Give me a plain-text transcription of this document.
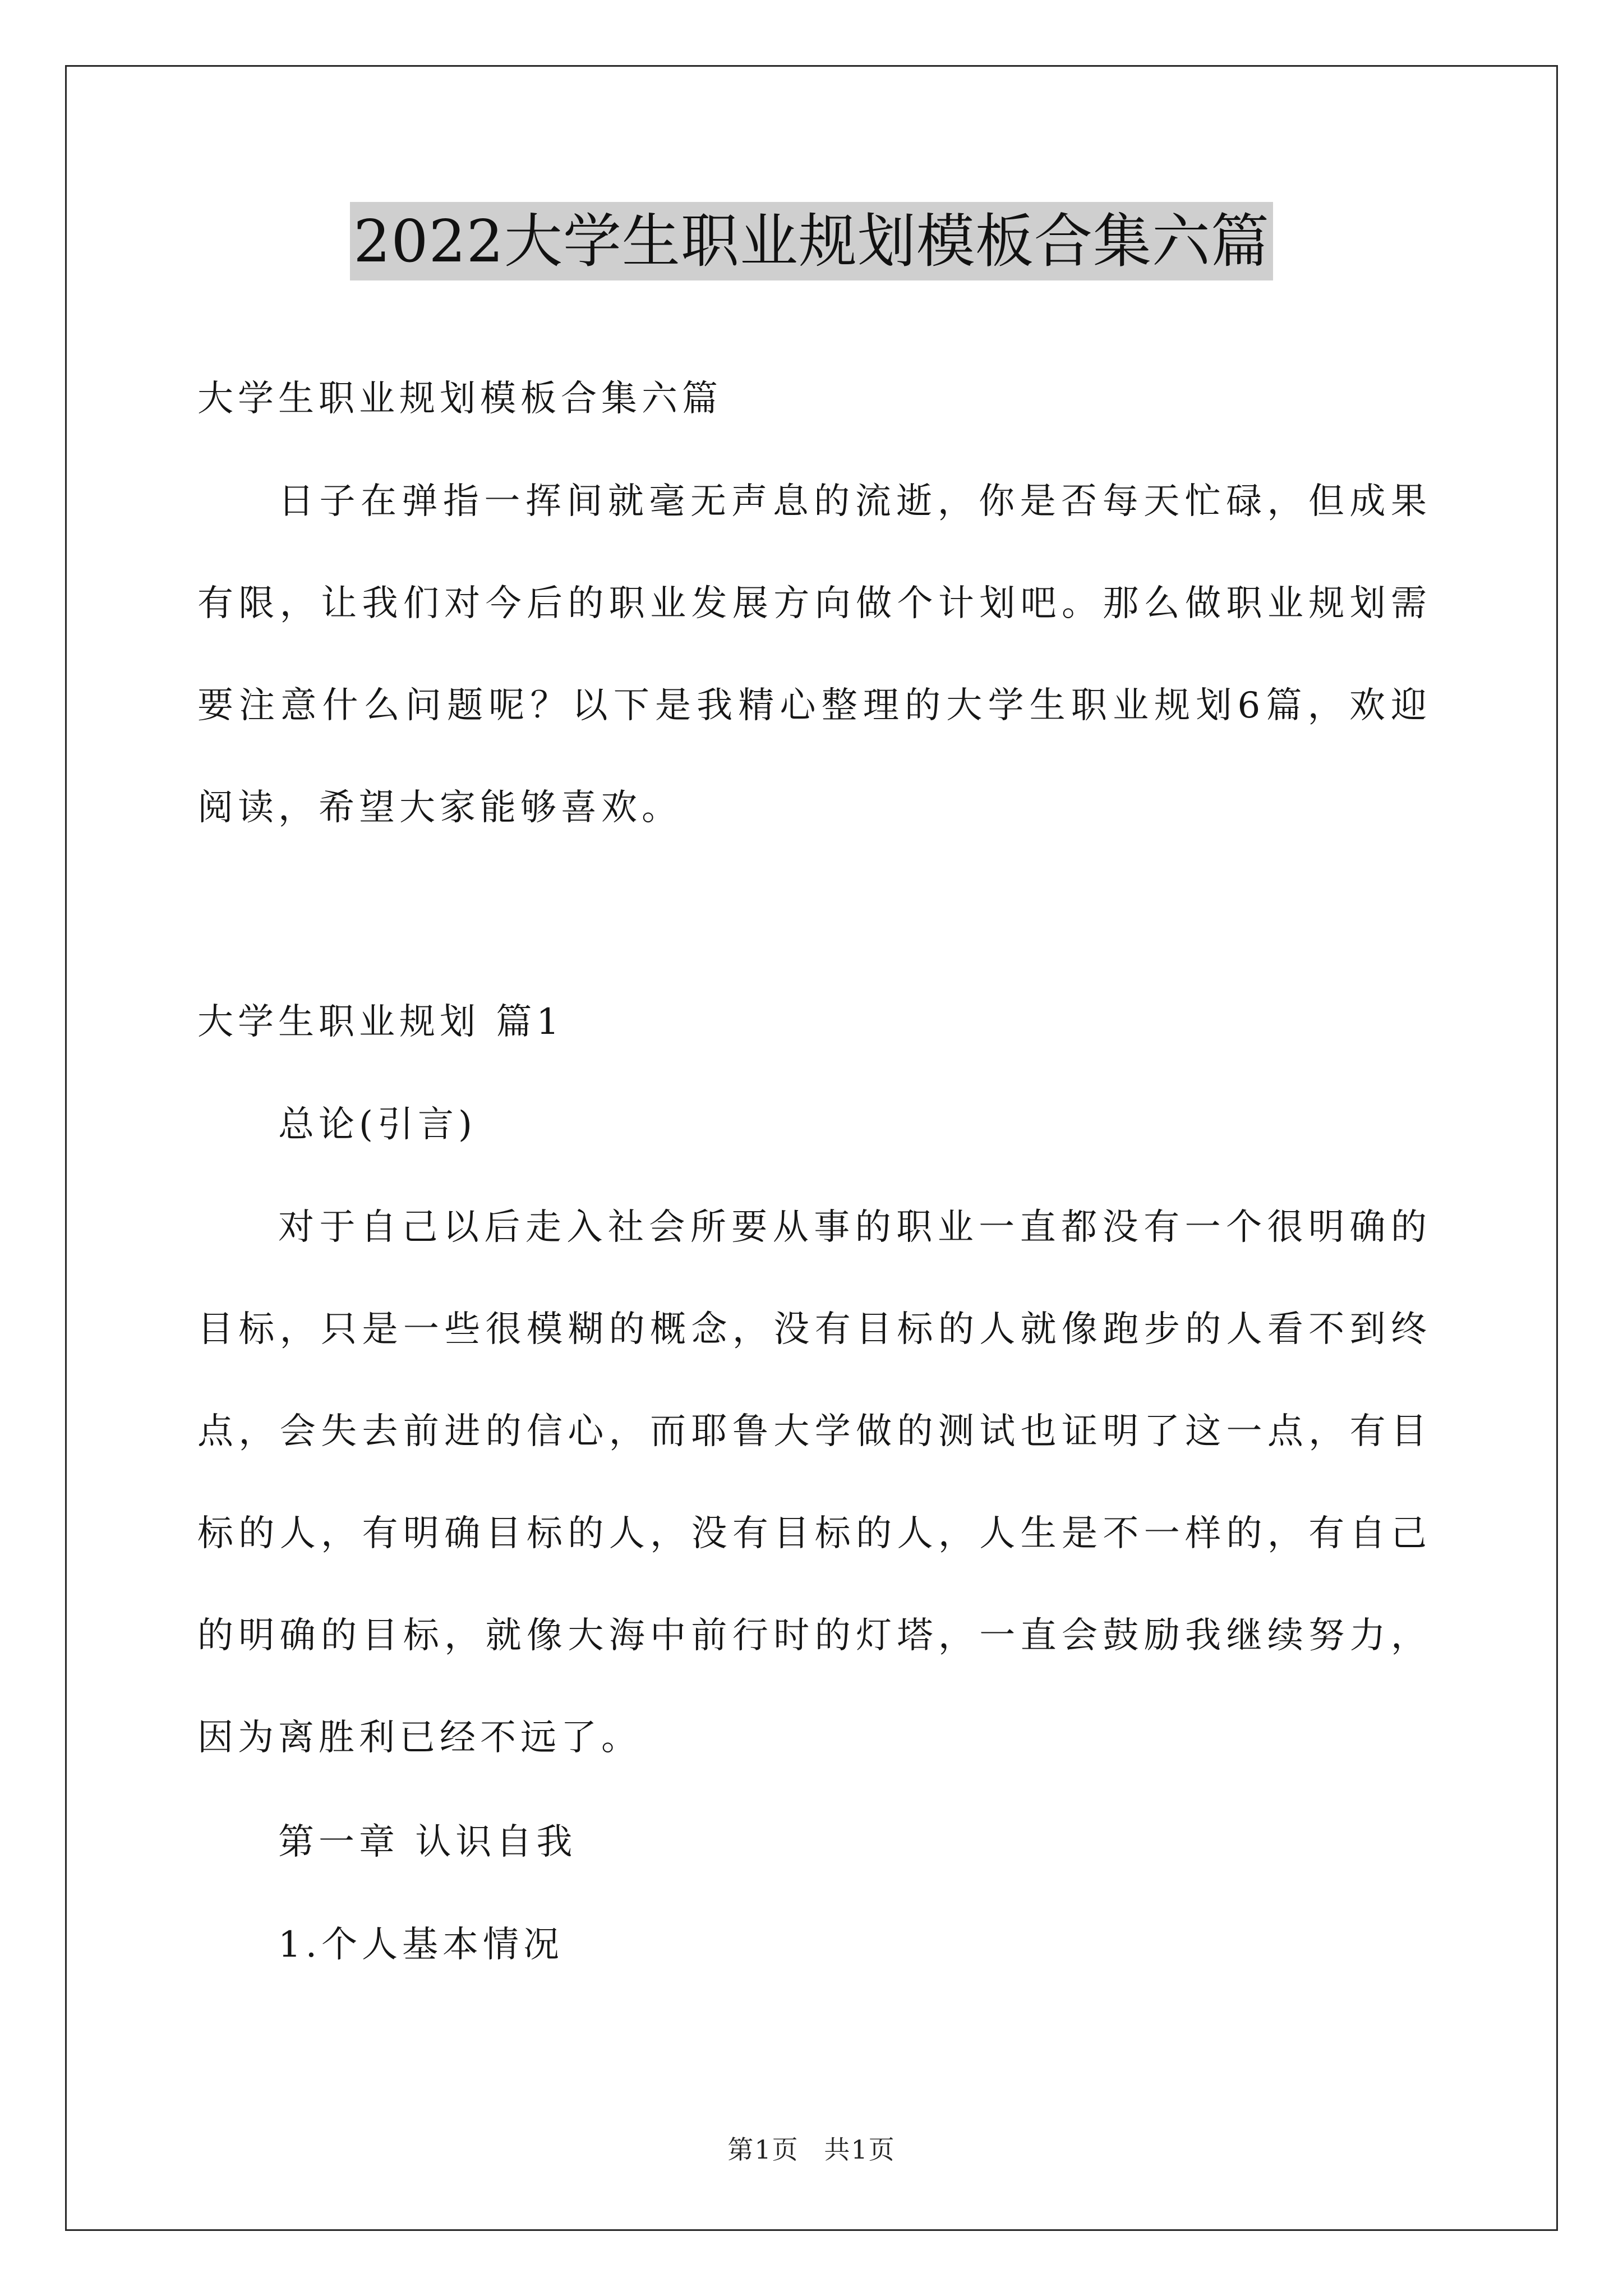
2022大学生职业规划模板合集六篇

大学生职业规划模板合集六篇

日子在弹指一挥间就毫无声息的流逝，你是否每天忙碌，但成果有限，让我们对今后的职业发展方向做个计划吧。那么做职业规划需要注意什么问题呢？以下是我精心整理的大学生职业规划6篇，欢迎阅读，希望大家能够喜欢。

大学生职业规划 篇1

总论(引言)

对于自己以后走入社会所要从事的职业一直都没有一个很明确的目标，只是一些很模糊的概念，没有目标的人就像跑步的人看不到终点，会失去前进的信心，而耶鲁大学做的测试也证明了这一点，有目标的人，有明确目标的人，没有目标的人，人生是不一样的，有自己的明确的目标，就像大海中前行时的灯塔，一直会鼓励我继续努力，因为离胜利已经不远了。

第一章 认识自我

1.个人基本情况

第1页 共1页
